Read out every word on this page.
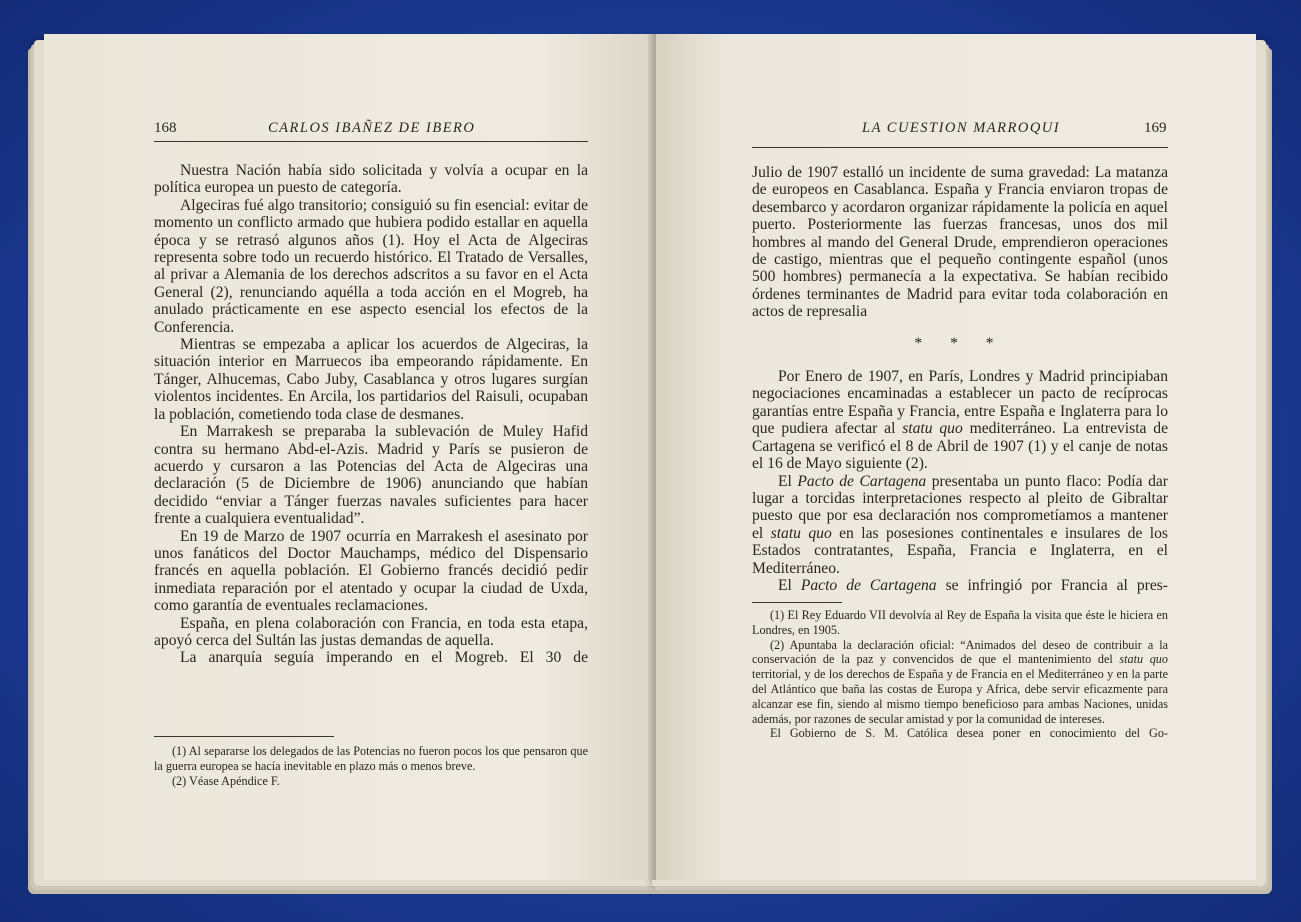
168	CARLOS IBAÑEZ DE IBERO

Nuestra Nación había sido solicitada y volvía a ocupar en la política europea un puesto de categoría.

Algeciras fué algo transitorio; consiguió su fin esencial: evitar de momento un conflicto armado que hubiera podido estallar en aquella época y se retrasó algunos años (1). Hoy el Acta de Algeciras representa sobre todo un recuerdo histórico. El Tratado de Versalles, al privar a Alemania de los derechos adscritos a su favor en el Acta General (2), renunciando aquélla a toda acción en el Mogreb, ha anulado prácticamente en ese aspecto esencial los efectos de la Conferencia.

Mientras se empezaba a aplicar los acuerdos de Algeciras, la situación interior en Marruecos iba empeorando rápidamente. En Tánger, Alhucemas, Cabo Juby, Casablanca y otros lugares surgían violentos incidentes. En Arcila, los partidarios del Raisuli, ocupaban la población, cometiendo toda clase de desmanes.

En Marrakesh se preparaba la sublevación de Muley Hafid contra su hermano Abd-el-Azis. Madrid y París se pusieron de acuerdo y cursaron a las Potencias del Acta de Algeciras una declaración (5 de Diciembre de 1906) anunciando que habían decidido “enviar a Tánger fuerzas navales suficientes para hacer frente a cualquiera eventualidad”.

En 19 de Marzo de 1907 ocurría en Marrakesh el asesinato por unos fanáticos del Doctor Mauchamps, médico del Dispensario francés en aquella población. El Gobierno francés decidió pedir inmediata reparación por el atentado y ocupar la ciudad de Uxda, como garantía de eventuales reclamaciones.

España, en plena colaboración con Francia, en toda esta etapa, apoyó cerca del Sultán las justas demandas de aquella.

La anarquía seguía imperando en el Mogreb. El 30 de

(1) Al separarse los delegados de las Potencias no fueron pocos los que pensaron que la guerra europea se hacía inevitable en plazo más o menos breve.

(2) Véase Apéndice F.

LA CUESTION MARROQUI	169

Julio de 1907 estalló un incidente de suma gravedad: La matanza de europeos en Casablanca. España y Francia enviaron tropas de desembarco y acordaron organizar rápidamente la policía en aquel puerto. Posteriormente las fuerzas francesas, unos dos mil hombres al mando del General Drude, emprendieron operaciones de castigo, mientras que el pequeño contingente español (unos 500 hombres) permanecía a la expectativa. Se habían recibido órdenes terminantes de Madrid para evitar toda colaboración en actos de represalia

* * *

Por Enero de 1907, en París, Londres y Madrid principiaban negociaciones encaminadas a establecer un pacto de recíprocas garantías entre España y Francia, entre España e Inglaterra para lo que pudiera afectar al statu quo mediterráneo. La entrevista de Cartagena se verificó el 8 de Abril de 1907 (1) y el canje de notas el 16 de Mayo siguiente (2).

El Pacto de Cartagena presentaba un punto flaco: Podía dar lugar a torcidas interpretaciones respecto al pleito de Gibraltar puesto que por esa declaración nos comprometíamos a mantener el statu quo en las posesiones continentales e insulares de los Estados contratantes, España, Francia e Inglaterra, en el Mediterráneo.

El Pacto de Cartagena se infringió por Francia al pres-

(1) El Rey Eduardo VII devolvía al Rey de España la visita que éste le hiciera en Londres, en 1905.

(2) Apuntaba la declaración oficial: “Animados del deseo de contribuir a la conservación de la paz y convencidos de que el mantenimiento del statu quo territorial, y de los derechos de España y de Francia en el Mediterráneo y en la parte del Atlántico que baña las costas de Europa y Africa, debe servir eficazmente para alcanzar ese fin, siendo al mismo tiempo beneficioso para ambas Naciones, unidas además, por razones de secular amistad y por la comunidad de intereses.

El Gobierno de S. M. Católica desea poner en conocimiento del Go-
